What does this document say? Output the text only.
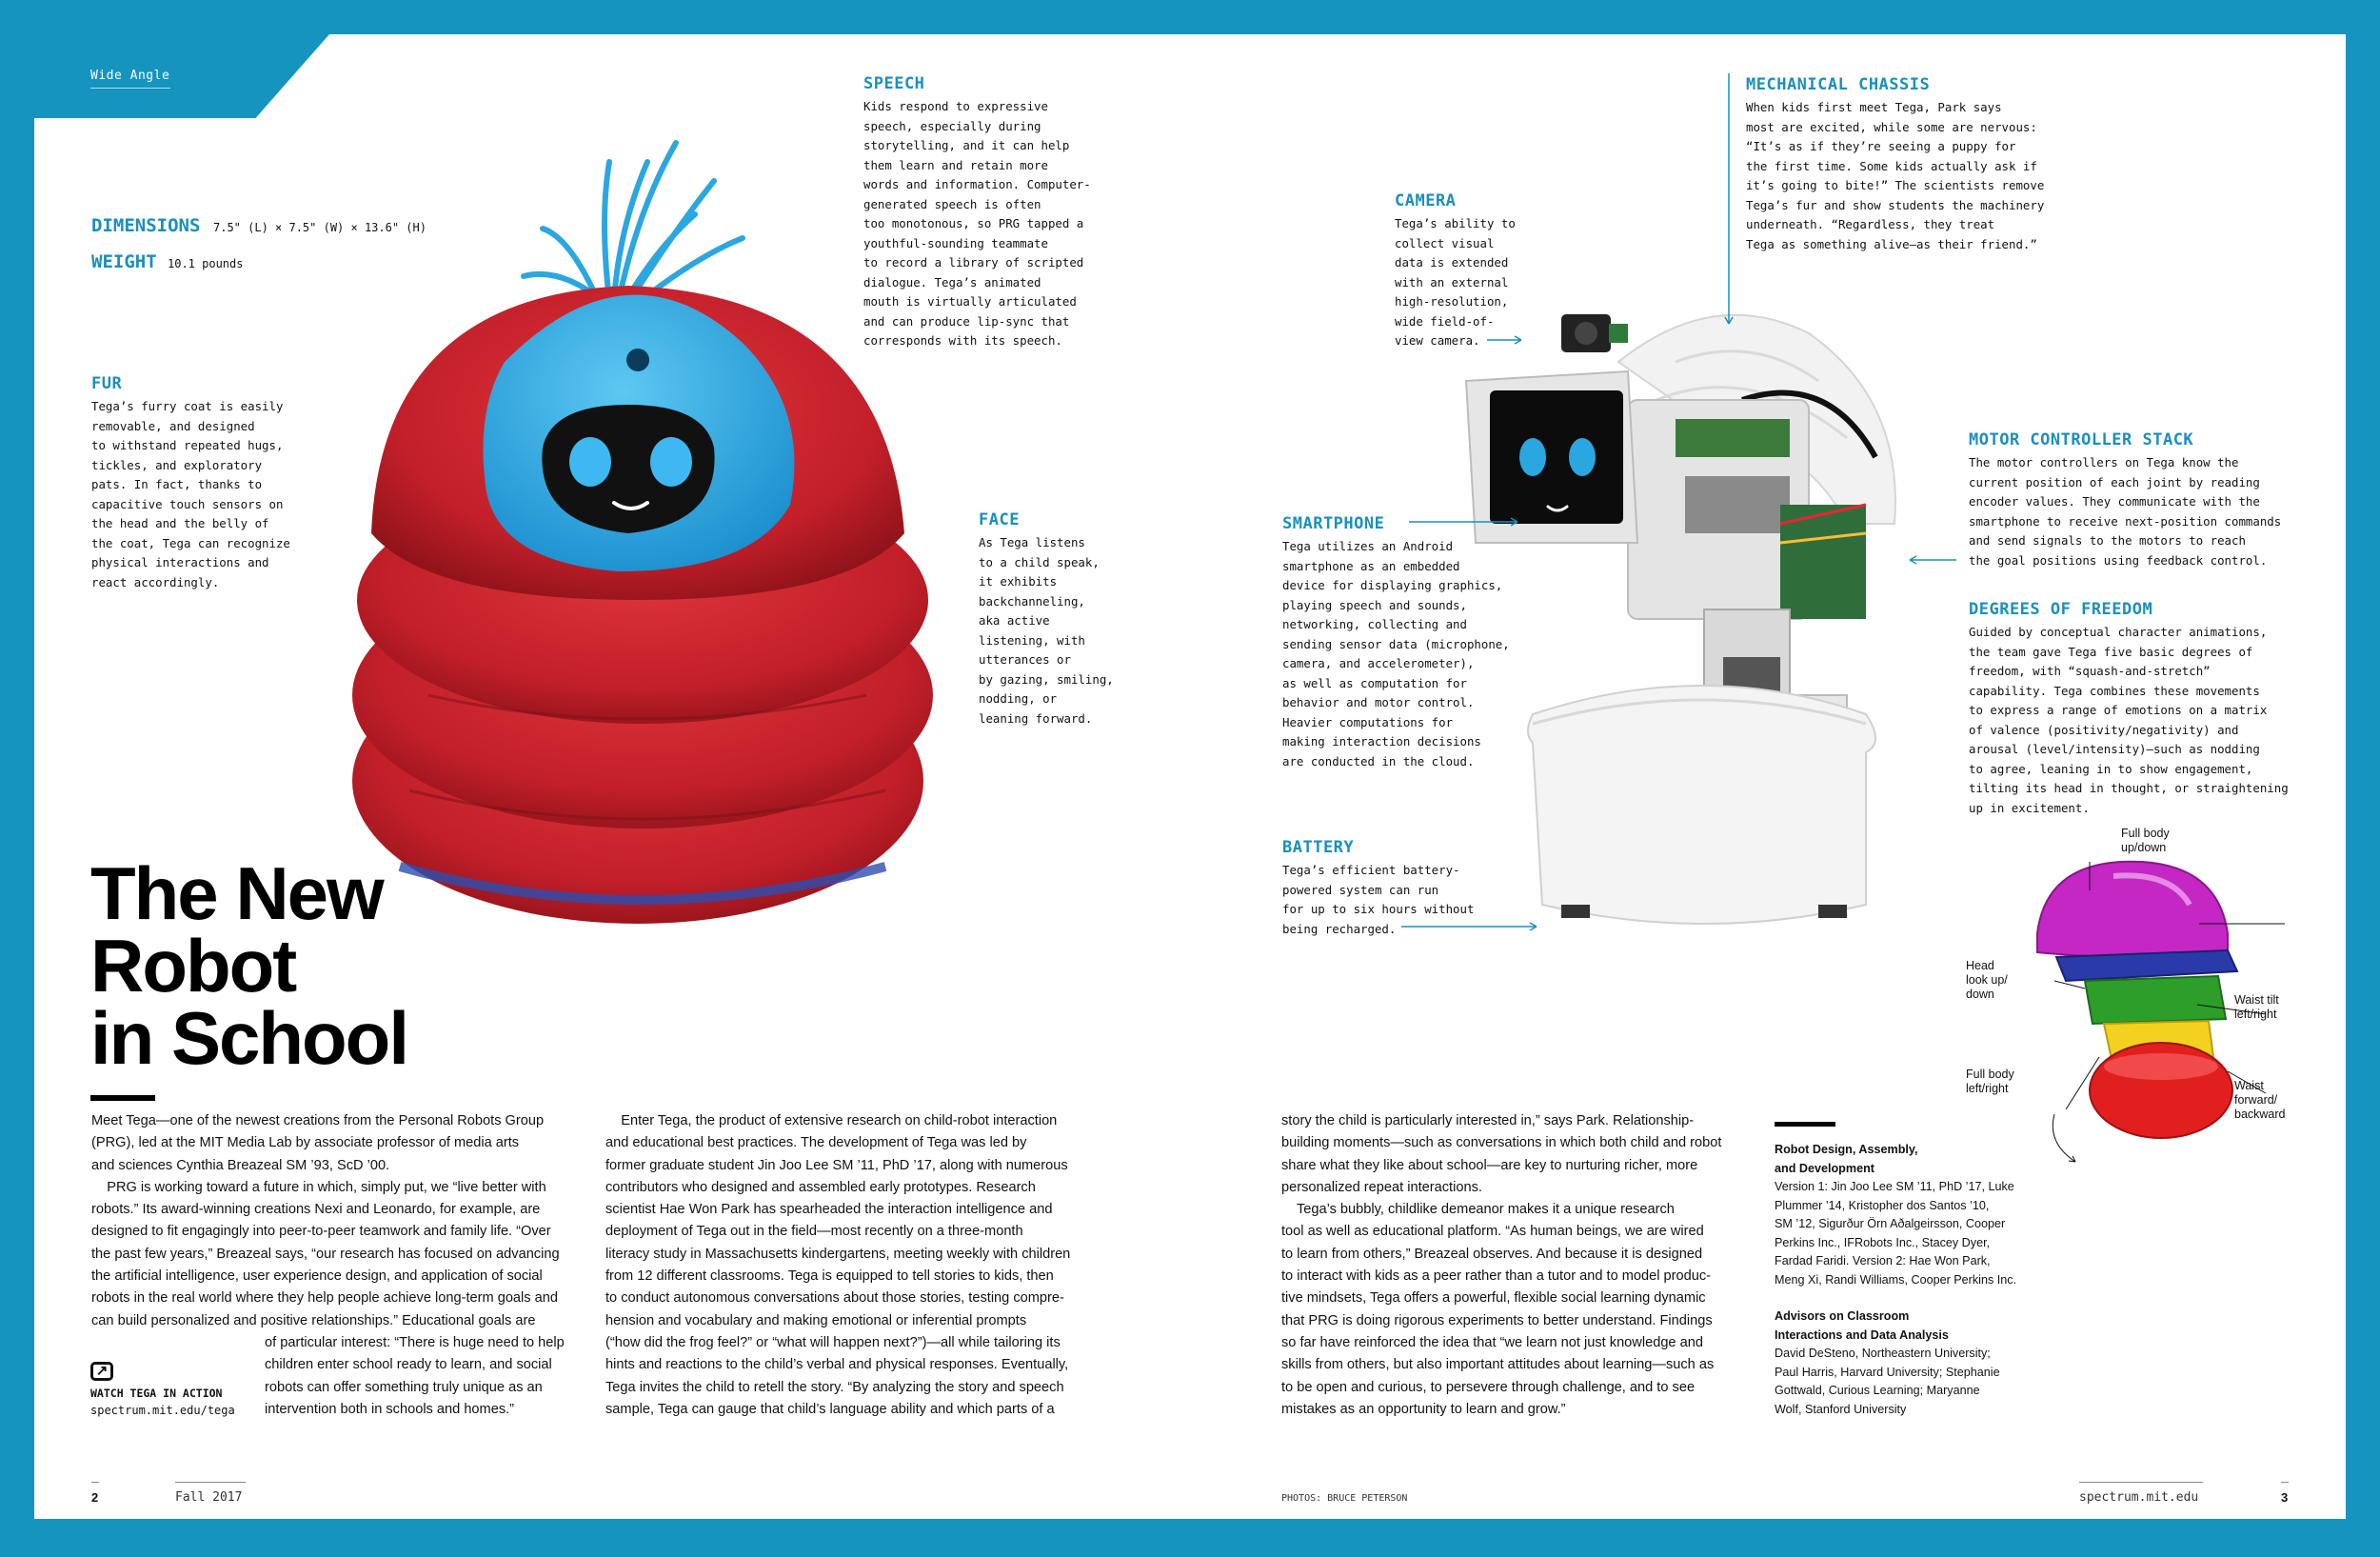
Wide Angle
DIMENSIONS 7.5" (L) × 7.5" (W) × 13.6" (H)
WEIGHT 10.1 pounds
FUR
Tega’s furry coat is easily
removable, and designed
to withstand repeated hugs,
tickles, and exploratory
pats. In fact, thanks to
capacitive touch sensors on
the head and the belly of
the coat, Tega can recognize
physical interactions and
react accordingly.
SPEECH
Kids respond to expressive
speech, especially during
storytelling, and it can help
them learn and retain more
words and information. Computer-
generated speech is often
too monotonous, so PRG tapped a
youthful-sounding teammate
to record a library of scripted
dialogue. Tega’s animated
mouth is virtually articulated
and can produce lip-sync that
corresponds with its speech.
FACE
As Tega listens
to a child speak,
it exhibits
backchanneling,
aka active
listening, with
utterances or
by gazing, smiling,
nodding, or
leaning forward.
The New
Robot
in School
Meet Tega—one of the newest creations from the Personal Robots Group
(PRG), led at the MIT Media Lab by associate professor of media arts
and sciences Cynthia Breazeal SM ’93, ScD ’00.
PRG is working toward a future in which, simply put, we “live better with
robots.” Its award-winning creations Nexi and Leonardo, for example, are
designed to fit engagingly into peer-to-peer teamwork and family life. “Over
the past few years,” Breazeal says, “our research has focused on advancing
the artificial intelligence, user experience design, and application of social
robots in the real world where they help people achieve long-term goals and
can build personalized and positive relationships.” Educational goals are
of particular interest: “There is huge need to help
children enter school ready to learn, and social
robots can offer something truly unique as an
intervention both in schools and homes.”
Enter Tega, the product of extensive research on child-robot interaction
and educational best practices. The development of Tega was led by
former graduate student Jin Joo Lee SM ’11, PhD ’17, along with numerous
contributors who designed and assembled early prototypes. Research
scientist Hae Won Park has spearheaded the interaction intelligence and
deployment of Tega out in the field—most recently on a three-month
literacy study in Massachusetts kindergartens, meeting weekly with children
from 12 different classrooms. Tega is equipped to tell stories to kids, then
to conduct autonomous conversations about those stories, testing compre-
hension and vocabulary and making emotional or inferential prompts
(“how did the frog feel?” or “what will happen next?”)—all while tailoring its
hints and reactions to the child’s verbal and physical responses. Eventually,
Tega invites the child to retell the story. “By analyzing the story and speech
sample, Tega can gauge that child’s language ability and which parts of a
story the child is particularly interested in,” says Park. Relationship-
building moments—such as conversations in which both child and robot
share what they like about school—are key to nurturing richer, more
personalized repeat interactions.
Tega’s bubbly, childlike demeanor makes it a unique research
tool as well as educational platform. “As human beings, we are wired
to learn from others,” Breazeal observes. And because it is designed
to interact with kids as a peer rather than a tutor and to model produc-
tive mindsets, Tega offers a powerful, flexible social learning dynamic
that PRG is doing rigorous experiments to better understand. Findings
so far have reinforced the idea that “we learn not just knowledge and
skills from others, but also important attitudes about learning—such as
to be open and curious, to persevere through challenge, and to see
mistakes as an opportunity to learn and grow.”
↗
WATCH TEGA IN ACTION
spectrum.mit.edu/tega
CAMERA
Tega’s ability to
collect visual
data is extended
with an external
high-resolution,
wide field-of-
view camera.
MECHANICAL CHASSIS
When kids first meet Tega, Park says
most are excited, while some are nervous:
“It’s as if they’re seeing a puppy for
the first time. Some kids actually ask if
it’s going to bite!” The scientists remove
Tega’s fur and show students the machinery
underneath. “Regardless, they treat
Tega as something alive—as their friend.”
SMARTPHONE
Tega utilizes an Android
smartphone as an embedded
device for displaying graphics,
playing speech and sounds,
networking, collecting and
sending sensor data (microphone,
camera, and accelerometer),
as well as computation for
behavior and motor control.
Heavier computations for
making interaction decisions
are conducted in the cloud.
MOTOR CONTROLLER STACK
The motor controllers on Tega know the
current position of each joint by reading
encoder values. They communicate with the
smartphone to receive next-position commands
and send signals to the motors to reach
the goal positions using feedback control.
DEGREES OF FREEDOM
Guided by conceptual character animations,
the team gave Tega five basic degrees of
freedom, with “squash-and-stretch”
capability. Tega combines these movements
to express a range of emotions on a matrix
of valence (positivity/negativity) and
arousal (level/intensity)—such as nodding
to agree, leaning in to show engagement,
tilting its head in thought, or straightening
up in excitement.
BATTERY
Tega’s efficient battery-
powered system can run
for up to six hours without
being recharged.
Full body
up/down
Head
look up/
down	Waist tilt
left/right
Full body
left/right	Waist
forward/
backward
Robot Design, Assembly,
and Development
Version 1: Jin Joo Lee SM ’11, PhD ’17, Luke
Plummer ’14, Kristopher dos Santos ’10,
SM ’12, Sigurður Örn Aðalgeirsson, Cooper
Perkins Inc., IFRobots Inc., Stacey Dyer,
Fardad Faridi. Version 2: Hae Won Park,
Meng Xi, Randi Williams, Cooper Perkins Inc.
Advisors on Classroom
Interactions and Data Analysis
David DeSteno, Northeastern University;
Paul Harris, Harvard University; Stephanie
Gottwald, Curious Learning; Maryanne
Wolf, Stanford University
2	Fall 2017	PHOTOS: BRUCE PETERSON	spectrum.mit.edu	3
